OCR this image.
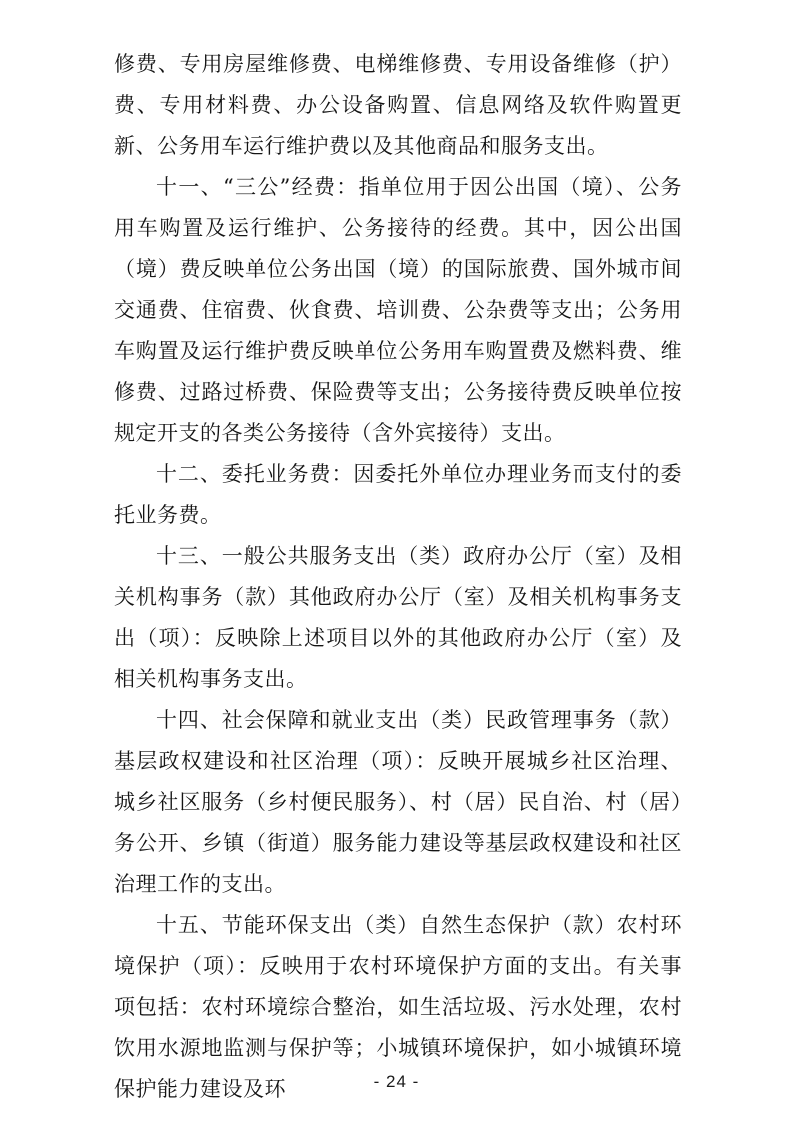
修费、专用房屋维修费、电梯维修费、专用设备维修（护）费、专用材料费、办公设备购置、信息网络及软件购置更新、公务用车运行维护费以及其他商品和服务支出。

十一、“三公”经费：指单位用于因公出国（境）、公务用车购置及运行维护、公务接待的经费。其中，因公出国（境）费反映单位公务出国（境）的国际旅费、国外城市间交通费、住宿费、伙食费、培训费、公杂费等支出；公务用车购置及运行维护费反映单位公务用车购置费及燃料费、维修费、过路过桥费、保险费等支出；公务接待费反映单位按规定开支的各类公务接待（含外宾接待）支出。

十二、委托业务费：因委托外单位办理业务而支付的委托业务费。

十三、一般公共服务支出（类）政府办公厅（室）及相关机构事务（款）其他政府办公厅（室）及相关机构事务支出（项）：反映除上述项目以外的其他政府办公厅（室）及相关机构事务支出。

十四、社会保障和就业支出（类）民政管理事务（款）基层政权建设和社区治理（项）：反映开展城乡社区治理、城乡社区服务（乡村便民服务）、村（居）民自治、村（居）务公开、乡镇（街道）服务能力建设等基层政权建设和社区治理工作的支出。

十五、节能环保支出（类）自然生态保护（款）农村环境保护（项）：反映用于农村环境保护方面的支出。有关事项包括：农村环境综合整治，如生活垃圾、污水处理，农村饮用水源地监测与保护等；小城镇环境保护，如小城镇环境保护能力建设及环	- 24 -
